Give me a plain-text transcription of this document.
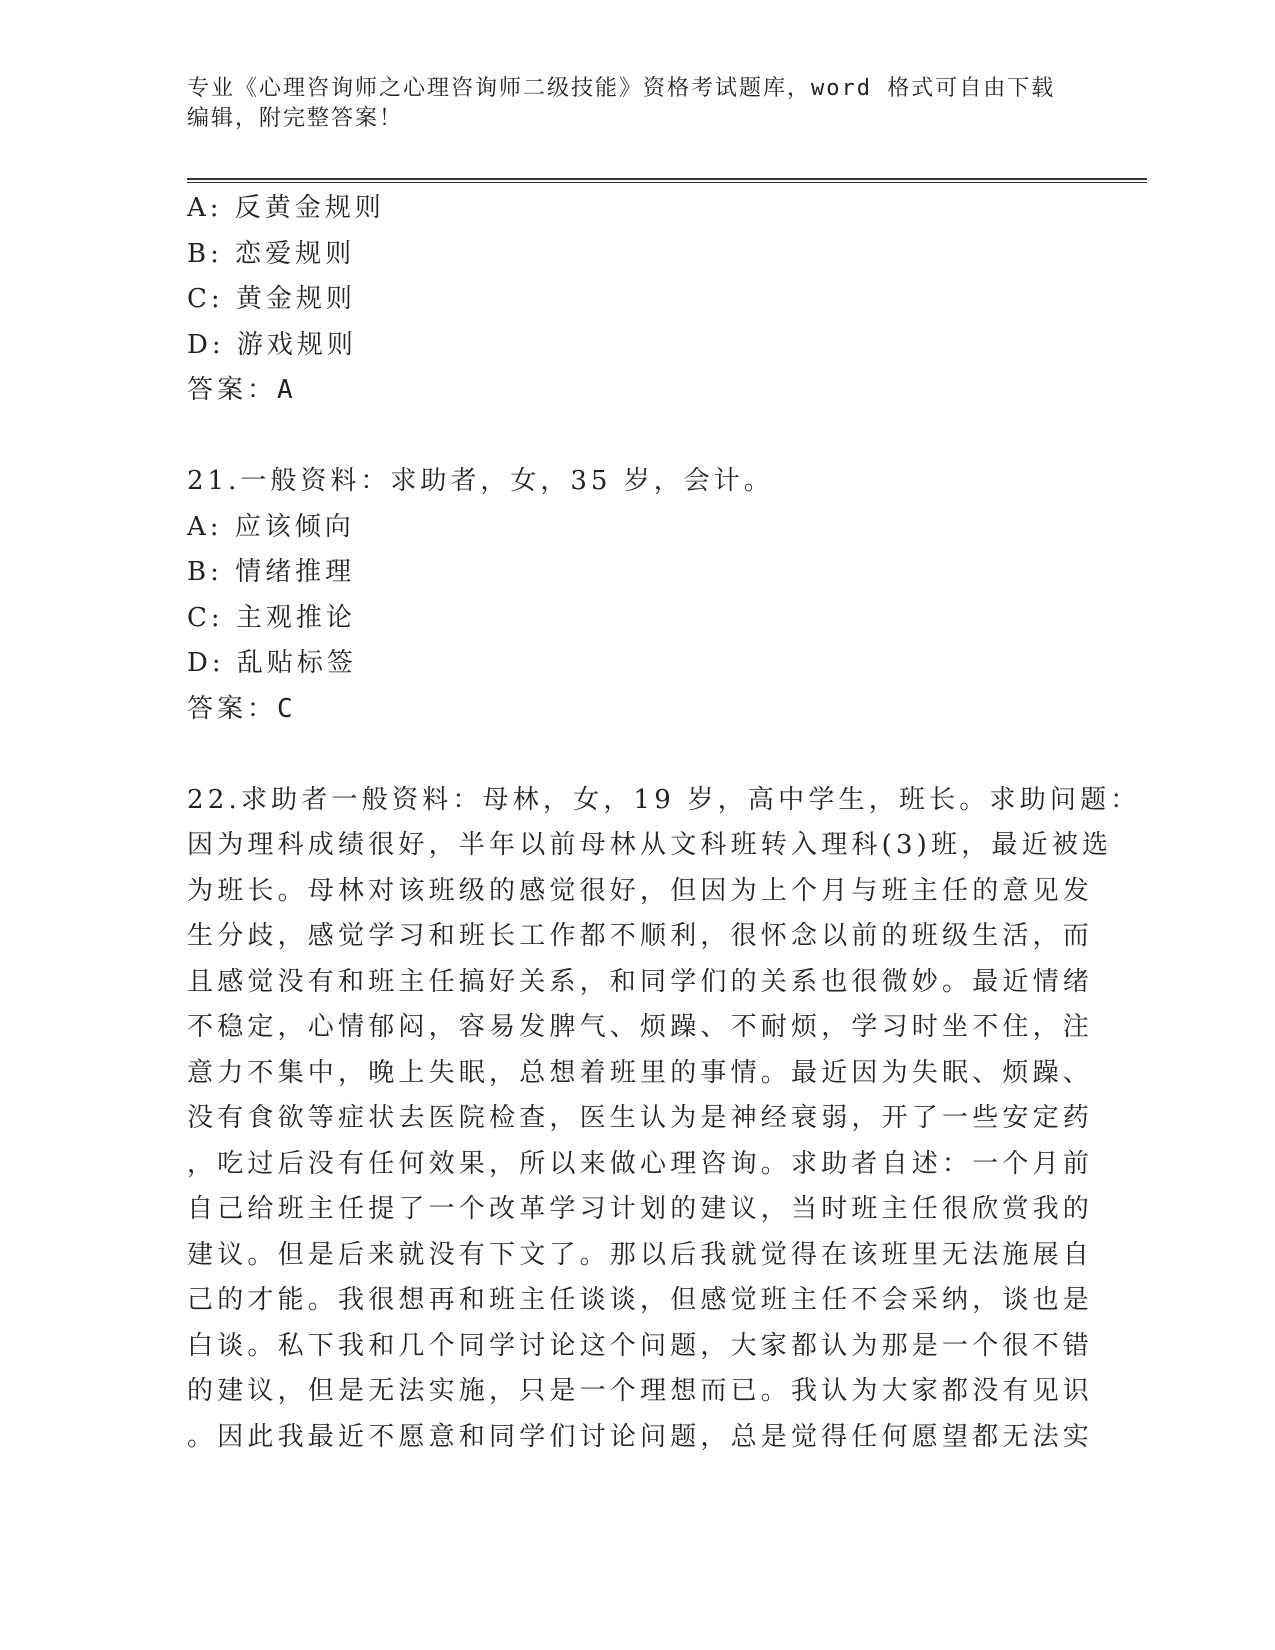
专业《心理咨询师之心理咨询师二级技能》资格考试题库，word 格式可自由下载
编辑，附完整答案！
A: 反黄金规则
B: 恋爱规则
C: 黄金规则
D: 游戏规则
答案：A
21.一般资料：求助者，女，35 岁，会计。
A: 应该倾向
B: 情绪推理
C: 主观推论
D: 乱贴标签
答案：C
22.求助者一般资料：母林，女，19 岁，高中学生，班长。求助问题：
因为理科成绩很好，半年以前母林从文科班转入理科(3)班，最近被选
为班长。母林对该班级的感觉很好，但因为上个月与班主任的意见发
生分歧，感觉学习和班长工作都不顺利，很怀念以前的班级生活，而
且感觉没有和班主任搞好关系，和同学们的关系也很微妙。最近情绪
不稳定，心情郁闷，容易发脾气、烦躁、不耐烦，学习时坐不住，注
意力不集中，晚上失眠，总想着班里的事情。最近因为失眠、烦躁、
没有食欲等症状去医院检查，医生认为是神经衰弱，开了一些安定药
，吃过后没有任何效果，所以来做心理咨询。求助者自述：一个月前
自己给班主任提了一个改革学习计划的建议，当时班主任很欣赏我的
建议。但是后来就没有下文了。那以后我就觉得在该班里无法施展自
己的才能。我很想再和班主任谈谈，但感觉班主任不会采纳，谈也是
白谈。私下我和几个同学讨论这个问题，大家都认为那是一个很不错
的建议，但是无法实施，只是一个理想而已。我认为大家都没有见识
。因此我最近不愿意和同学们讨论问题，总是觉得任何愿望都无法实
